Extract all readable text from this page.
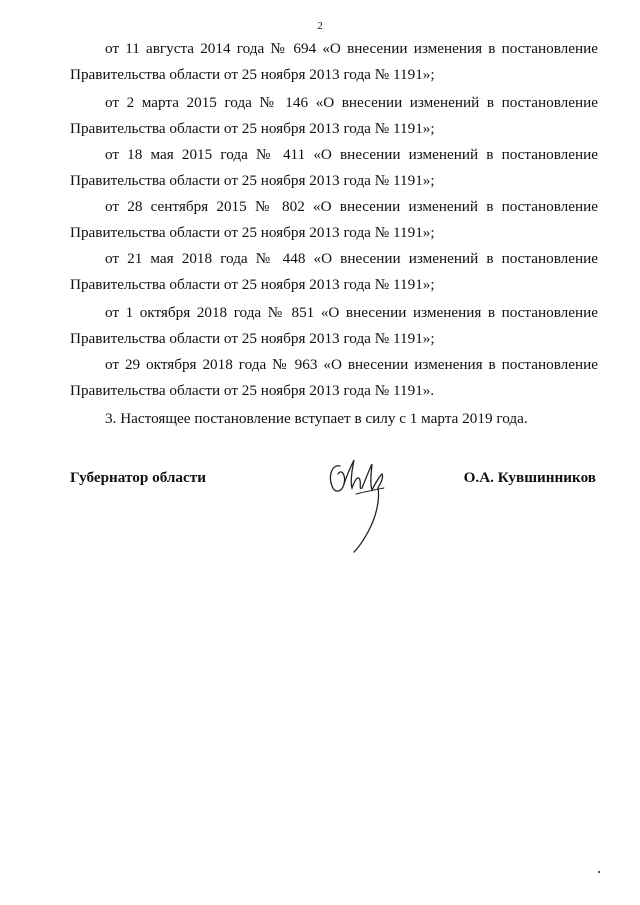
2
от 11 августа 2014 года № 694 «О внесении изменения в постановление Правительства области от 25 ноября 2013 года № 1191»;
от 2 марта 2015 года № 146 «О внесении изменений в постановление Правительства области от 25 ноября 2013 года № 1191»;
от 18 мая 2015 года № 411 «О внесении изменений в постановление Правительства области от 25 ноября 2013 года № 1191»;
от 28 сентября 2015 № 802 «О внесении изменений в постановление Правительства области от 25 ноября 2013 года № 1191»;
от 21 мая 2018 года № 448 «О внесении изменений в постановление Правительства области от 25 ноября 2013 года № 1191»;
от 1 октября 2018 года № 851 «О внесении изменения в постановление Правительства области от 25 ноября 2013 года № 1191»;
от 29 октября 2018 года № 963 «О внесении изменения в постановление Правительства области от 25 ноября 2013 года № 1191».
3. Настоящее постановление вступает в силу с 1 марта 2019 года.
Губернатор области	О.А. Кувшинников
